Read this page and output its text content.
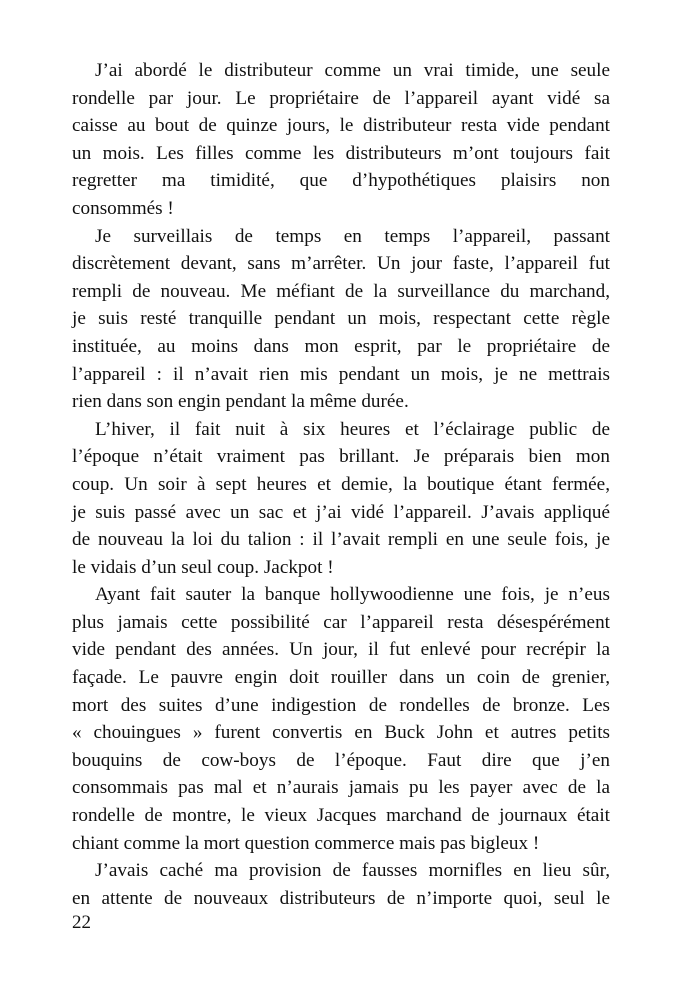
J’ai abordé le distributeur comme un vrai timide, une seule
rondelle par jour. Le propriétaire de l’appareil ayant vidé sa
caisse au bout de quinze jours, le distributeur resta vide pendant
un mois. Les filles comme les distributeurs m’ont toujours fait
regretter ma timidité, que d’hypothétiques plaisirs non
consommés !
Je surveillais de temps en temps l’appareil, passant
discrètement devant, sans m’arrêter. Un jour faste, l’appareil fut
rempli de nouveau. Me méfiant de la surveillance du marchand,
je suis resté tranquille pendant un mois, respectant cette règle
instituée, au moins dans mon esprit, par le propriétaire de
l’appareil : il n’avait rien mis pendant un mois, je ne mettrais
rien dans son engin pendant la même durée.
L’hiver, il fait nuit à six heures et l’éclairage public de
l’époque n’était vraiment pas brillant. Je préparais bien mon
coup. Un soir à sept heures et demie, la boutique étant fermée,
je suis passé avec un sac et j’ai vidé l’appareil. J’avais appliqué
de nouveau la loi du talion : il l’avait rempli en une seule fois, je
le vidais d’un seul coup. Jackpot !
Ayant fait sauter la banque hollywoodienne une fois, je n’eus
plus jamais cette possibilité car l’appareil resta désespérément
vide pendant des années. Un jour, il fut enlevé pour recrépir la
façade. Le pauvre engin doit rouiller dans un coin de grenier,
mort des suites d’une indigestion de rondelles de bronze. Les
« chouingues » furent convertis en Buck John et autres petits
bouquins de cow-boys de l’époque. Faut dire que j’en
consommais pas mal et n’aurais jamais pu les payer avec de la
rondelle de montre, le vieux Jacques marchand de journaux était
chiant comme la mort question commerce mais pas bigleux !
J’avais caché ma provision de fausses mornifles en lieu sûr,
en attente de nouveaux distributeurs de n’importe quoi, seul le
22
